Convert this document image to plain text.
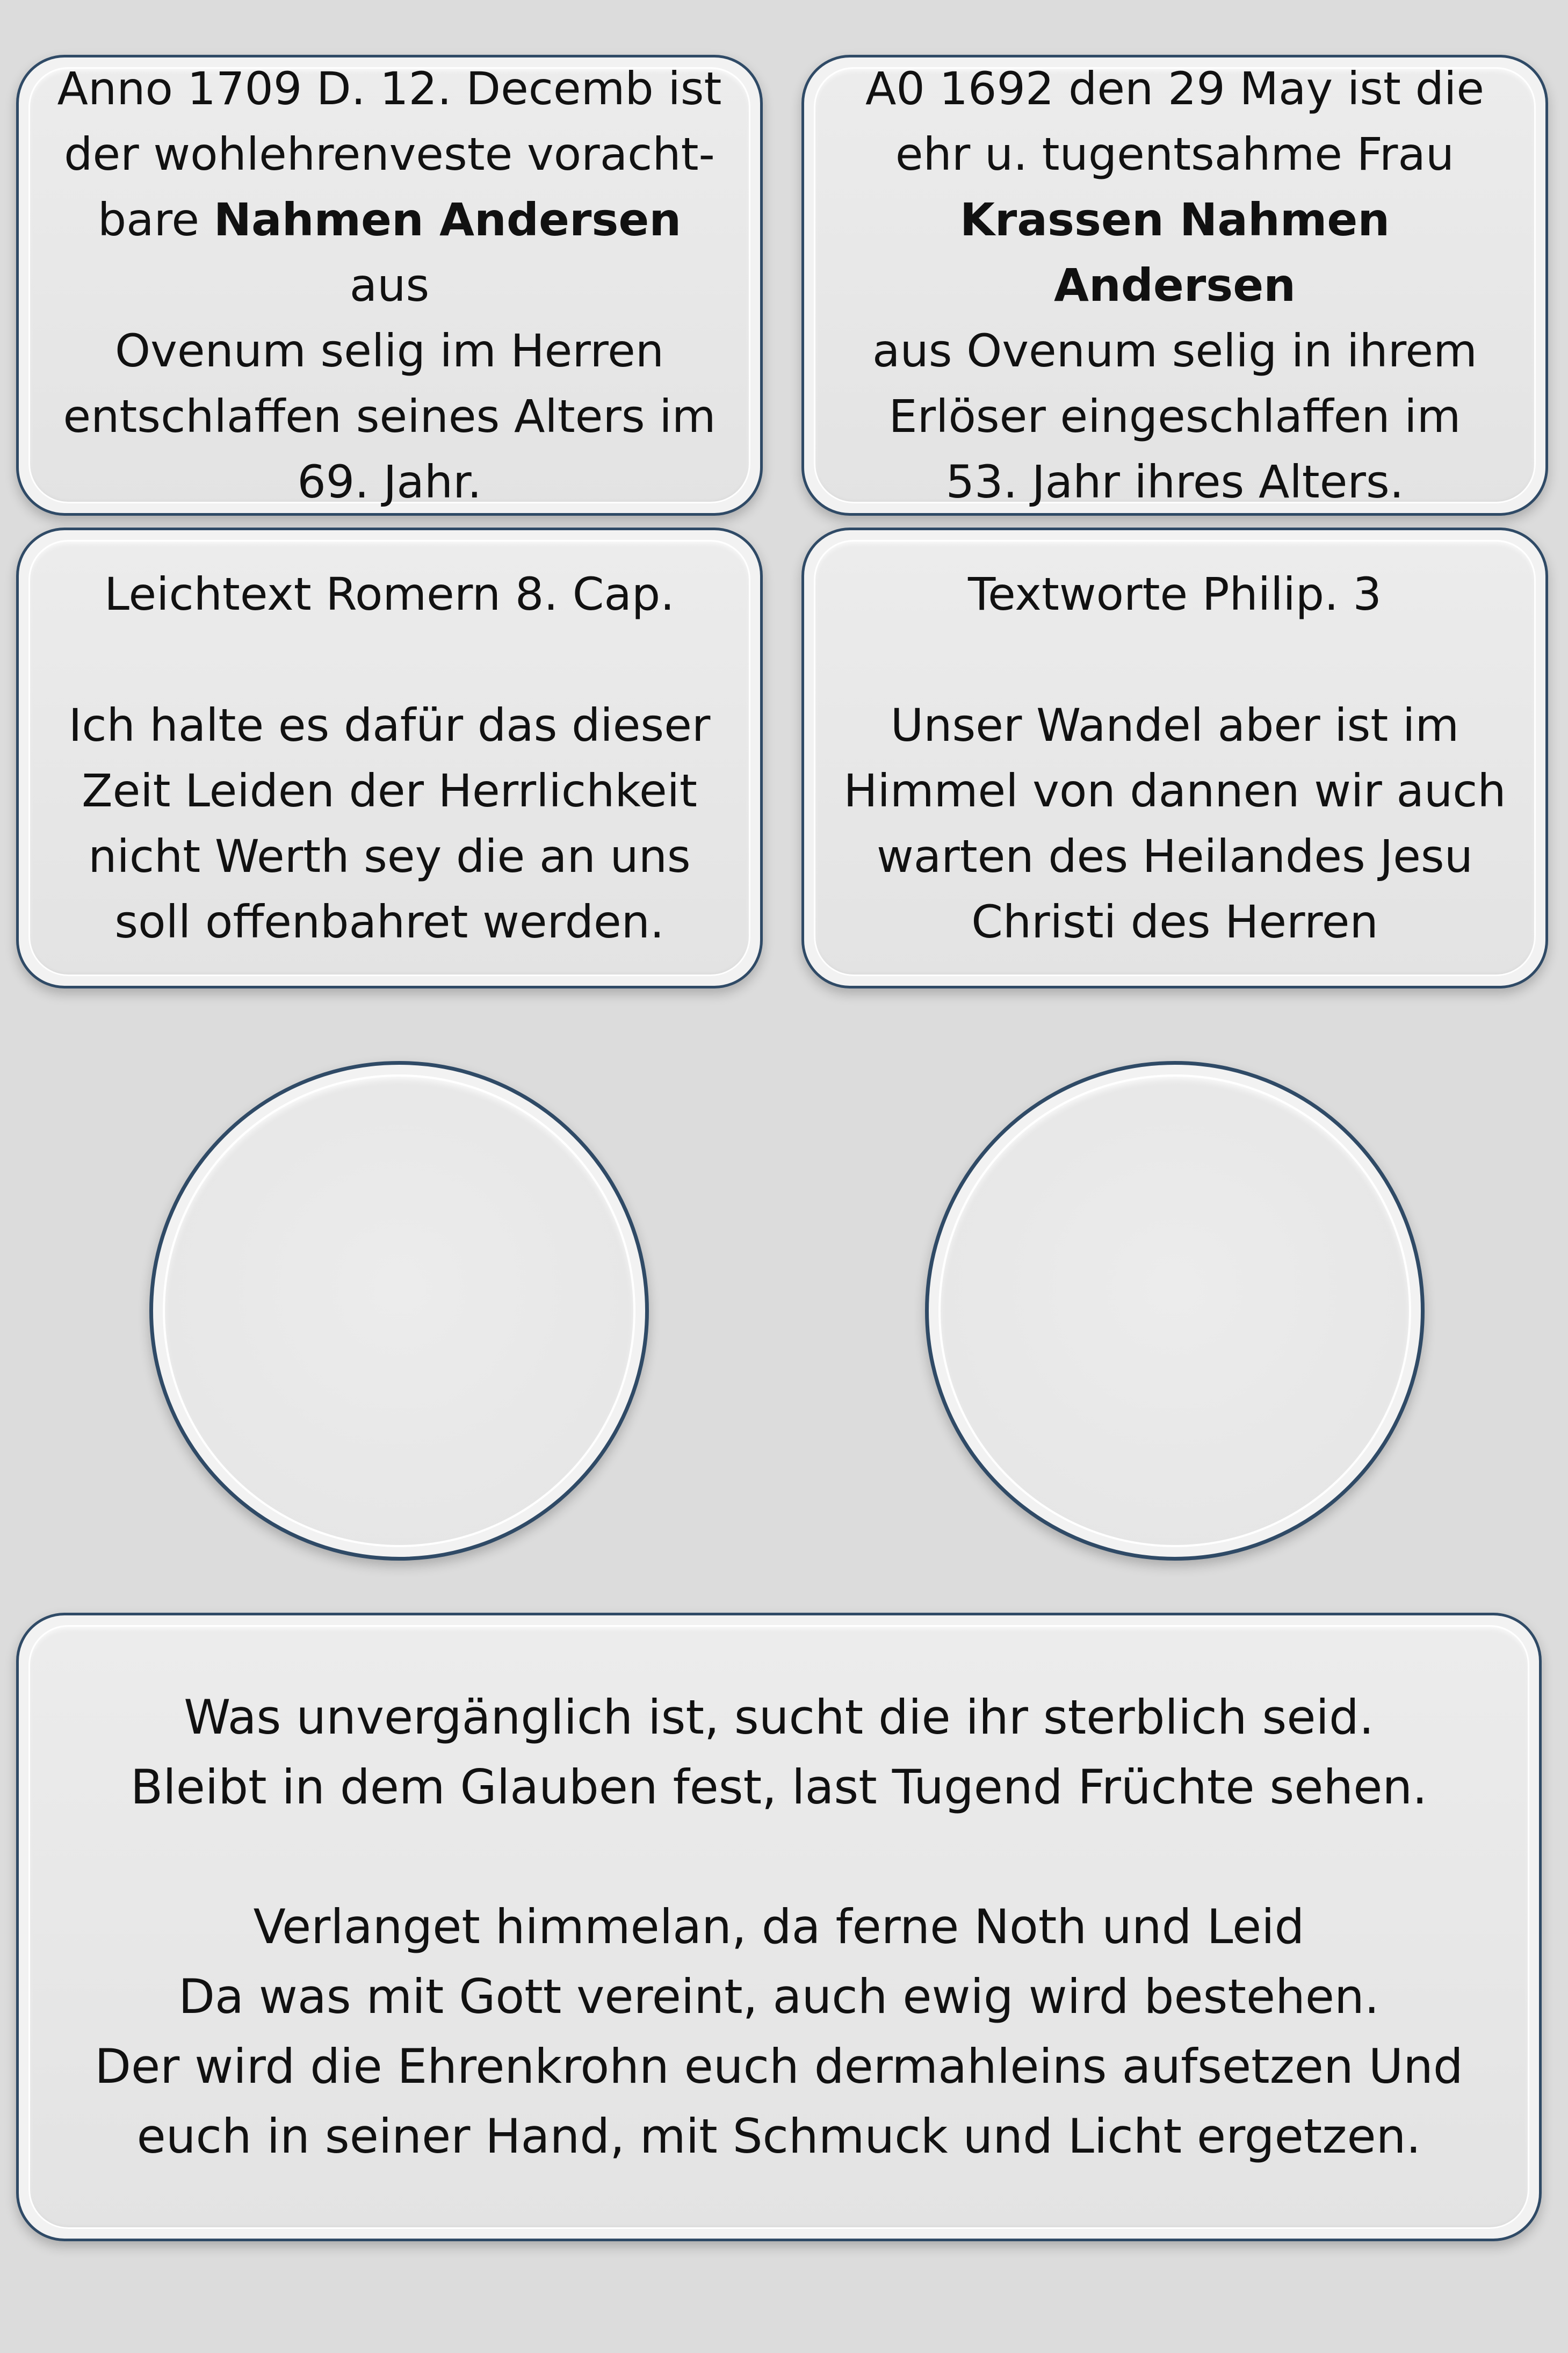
Anno 1709 D. 12. Decemb ist
der wohlehrenveste voracht-
bare Nahmen Andersen aus
Ovenum selig im Herren
entschlaffen seines Alters im
69. Jahr.
A0 1692 den 29 May ist die
ehr u. tugentsahme Frau
Krassen Nahmen Andersen
aus Ovenum selig in ihrem
Erlöser eingeschlaffen im
53. Jahr ihres Alters.
Leichtext Romern 8. Cap.
Ich halte es dafür das dieser
Zeit Leiden der Herrlichkeit
nicht Werth sey die an uns
soll offenbahret werden.
Textworte Philip. 3
Unser Wandel aber ist im
Himmel von dannen wir auch
warten des Heilandes Jesu
Christi des Herren
Was unvergänglich ist, sucht die ihr sterblich seid.
Bleibt in dem Glauben fest, last Tugend Früchte sehen.
Verlanget himmelan, da ferne Noth und Leid
Da was mit Gott vereint, auch ewig wird bestehen.
Der wird die Ehrenkrohn euch dermahleins aufsetzen Und
euch in seiner Hand, mit Schmuck und Licht ergetzen.
